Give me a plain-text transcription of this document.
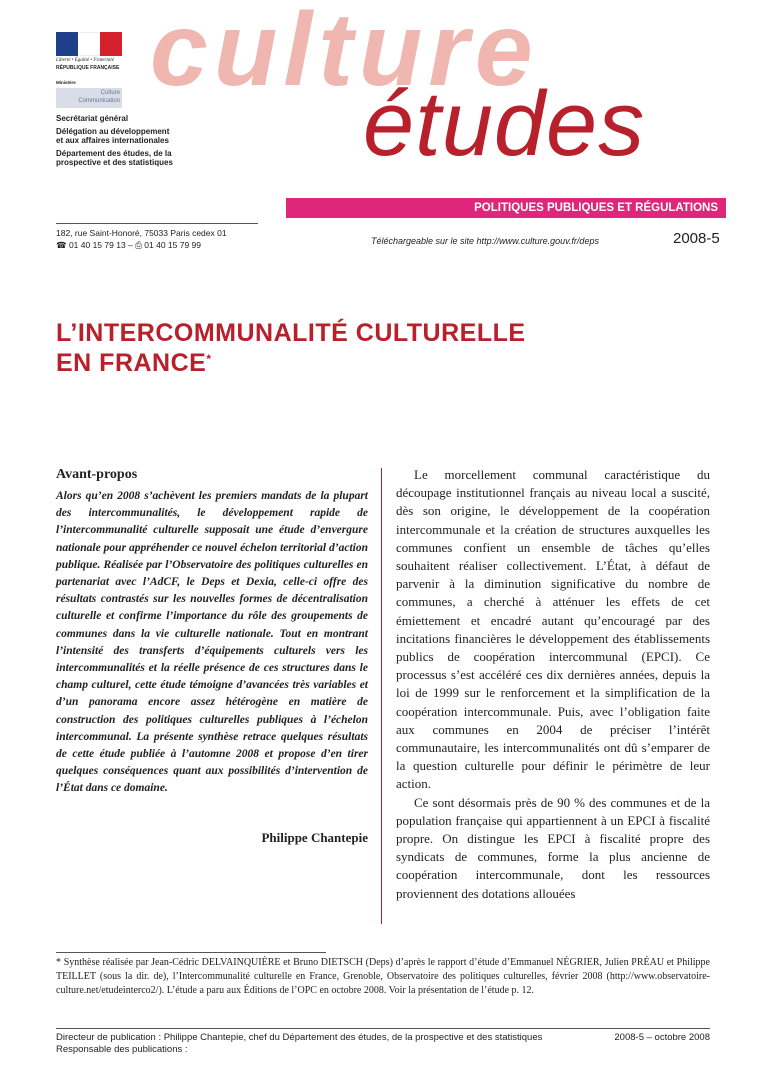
Liberté • Égalité • Fraternité
RÉPUBLIQUE FRANÇAISE
Ministère
Culture
Communication culture
études
Secrétariat général
Délégation au développement et aux affaires internationales
Département des études, de la prospective et des statistiques
POLITIQUES PUBLIQUES ET RÉGULATIONS
182, rue Saint-Honoré, 75033 Paris cedex 01
☎ 01 40 15 79 13 – ⎙ 01 40 15 79 99	Téléchargeable sur le site http://www.culture.gouv.fr/deps	2008-5
L’INTERCOMMUNALITÉ CULTURELLE
EN FRANCE*
Avant-propos
Alors qu’en 2008 s’achèvent les premiers mandats de la plupart des intercommunalités, le développement rapide de l’intercommunalité culturelle supposait une étude d’envergure nationale pour appréhender ce nouvel échelon territorial d’action publique. Réalisée par l’Observatoire des politiques culturelles en partenariat avec l’AdCF, le Deps et Dexia, celle-ci offre des résultats contrastés sur les nouvelles formes de décentralisation culturelle et confirme l’importance du rôle des groupements de communes dans la vie culturelle nationale. Tout en montrant l’intensité des transferts d’équipements culturels vers les intercommunalités et la réelle présence de ces structures dans le champ culturel, cette étude témoigne d’avancées très variables et d’un panorama encore assez hétérogène en matière de construction des politiques culturelles publiques à l’échelon intercommunal. La présente synthèse retrace quelques résultats de cette étude publiée à l’automne 2008 et propose d’en tirer quelques conséquences quant aux possibilités d’intervention de l’État dans ce domaine.
Philippe Chantepie

Le morcellement communal caractéristique du découpage institutionnel français au niveau local a suscité, dès son origine, le développement de la coopération intercommunale et la création de structures auxquelles les communes confient un ensemble de tâches qu’elles souhaitent réaliser collectivement. L’État, à défaut de parvenir à la diminution significative du nombre de communes, a cherché à atténuer les effets de cet émiettement et encadré autant qu’encouragé par des incitations financières le développement des établissements publics de coopération intercommunal (EPCI). Ce processus s’est accéléré ces dix dernières années, depuis la loi de 1999 sur le renforcement et la simplification de la coopération intercommunale. Puis, avec l’obligation faite aux communes en 2004 de préciser l’intérêt communautaire, les intercommunalités ont dû s’emparer de la question culturelle pour définir le périmètre de leur action.

Ce sont désormais près de 90 % des communes et de la population française qui appartiennent à un EPCI à fiscalité propre. On distingue les EPCI à fiscalité propre des syndicats de communes, forme la plus ancienne de coopération intercommunale, dont les ressources proviennent des dotations allouées

* Synthèse réalisée par Jean-Cédric DELVAINQUIÈRE et Bruno DIETSCH (Deps) d’après le rapport d’étude d’Emmanuel NÉGRIER, Julien PRÉAU et Philippe TEILLET (sous la dir. de), l’Intercommunalité culturelle en France, Grenoble, Observatoire des politiques culturelles, février 2008 (http://www.observatoire-culture.net/etudeinterco2/). L’étude a paru aux Éditions de l’OPC en octobre 2008. Voir la présentation de l’étude p. 12.
Directeur de publication : Philippe Chantepie, chef du Département des études, de la prospective et des statistiques
Responsable des publications :
2008-5 – octobre 2008
